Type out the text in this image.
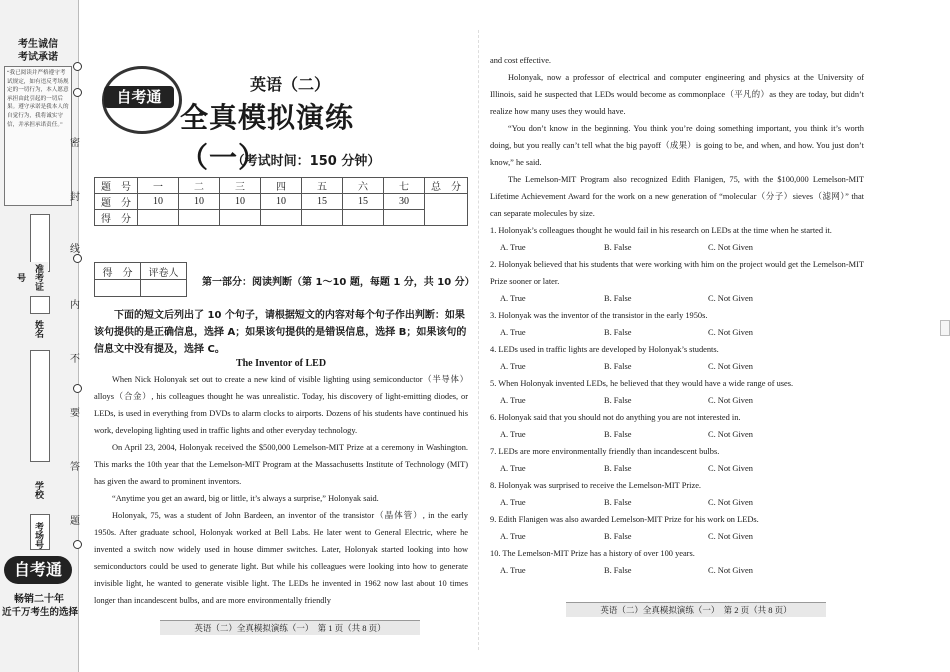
考生诚信
考试承诺
“我已阅读并严格遵守考试规定，如有违反考场规定的一切行为，本人愿意承担由此引起的一切后果。遵守承诺是我本人的自觉行为，我将诚实守信，并承担承诺责任。”
准考证号
姓名
学校
考场号
密
封
线
内
不
要
答
题
自考通
畅销二十年
近千万考生的选择
自考通
英语（二）
全真模拟演练（一）
（考试时间：150 分钟）
题　号	一	二	三	四	五	六	七	总　分
题　分	10	10	10	10	15	15	30	
得　分								
得　分	评卷人

第一部分：阅读判断（第 1～10 题，每题 1 分，共 10 分）
下面的短文后列出了 10 个句子，请根据短文的内容对每个句子作出判断：如果该句提供的是正确信息，选择 A；如果该句提供的是错误信息，选择 B；如果该句的信息文中没有提及，选择 C。
The Inventor of LED

When Nick Holonyak set out to create a new kind of visible lighting using semiconductor（半导体）alloys（合金）, his colleagues thought he was unrealistic. Today, his discovery of light-emitting diodes, or LEDs, is used in everything from DVDs to alarm clocks to airports. Dozens of his students have continued his work, developing lighting used in traffic lights and other everyday technology.

On April 23, 2004, Holonyak received the $500,000 Lemelson-MIT Prize at a ceremony in Washington. This marks the 10th year that the Lemelson-MIT Program at the Massachusetts Institute of Technology (MIT) has given the award to prominent inventors.

“Anytime you get an award, big or little, it’s always a surprise,” Holonyak said.

Holonyak, 75, was a student of John Bardeen, an inventor of the transistor（晶体管）, in the early 1950s. After graduate school, Holonyak worked at Bell Labs. He later went to General Electric, where he invented a switch now widely used in house dimmer switches. Later, Holonyak started looking into how semiconductors could be used to generate light. But while his colleagues were looking into how to generate invisible light, he wanted to generate visible light. The LEDs he invented in 1962 now last about 10 times longer than incandescent bulbs, and are more environmentally friendly

and cost effective.

Holonyak, now a professor of electrical and computer engineering and physics at the University of Illinois, said he suspected that LEDs would become as commonplace（平凡的）as they are today, but didn’t realize how many uses they would have.

“You don’t know in the beginning. You think you’re doing something important, you think it’s worth doing, but you really can’t tell what the big payoff（成果）is going to be, and when, and how. You just don’t know,” he said.

The Lemelson-MIT Program also recognized Edith Flanigen, 75, with the $100,000 Lemelson-MIT Lifetime Achievement Award for the work on a new generation of “molecular（分子）sieves（滤网）” that can separate molecules by size.

1. Holonyak’s colleagues thought he would fail in his research on LEDs at the time when he started it.

A. True	B. False	C. Not Given

2. Holonyak believed that his students that were working with him on the project would get the Lemelson-MIT Prize sooner or later.

A. True	B. False	C. Not Given

3. Holonyak was the inventor of the transistor in the early 1950s.

A. True	B. False	C. Not Given

4. LEDs used in traffic lights are developed by Holonyak’s students.

A. True	B. False	C. Not Given

5. When Holonyak invented LEDs, he believed that they would have a wide range of uses.

A. True	B. False	C. Not Given

6. Holonyak said that you should not do anything you are not interested in.

A. True	B. False	C. Not Given

7. LEDs are more environmentally friendly than incandescent bulbs.

A. True	B. False	C. Not Given

8. Holonyak was surprised to receive the Lemelson-MIT Prize.

A. True	B. False	C. Not Given

9. Edith Flanigen was also awarded Lemelson-MIT Prize for his work on LEDs.

A. True	B. False	C. Not Given

10. The Lemelson-MIT Prize has a history of over 100 years.

A. True	B. False	C. Not Given
英语（二）全真模拟演练（一）　第 1 页（共 8 页）
英语（二）全真模拟演练（一）　第 2 页（共 8 页）
